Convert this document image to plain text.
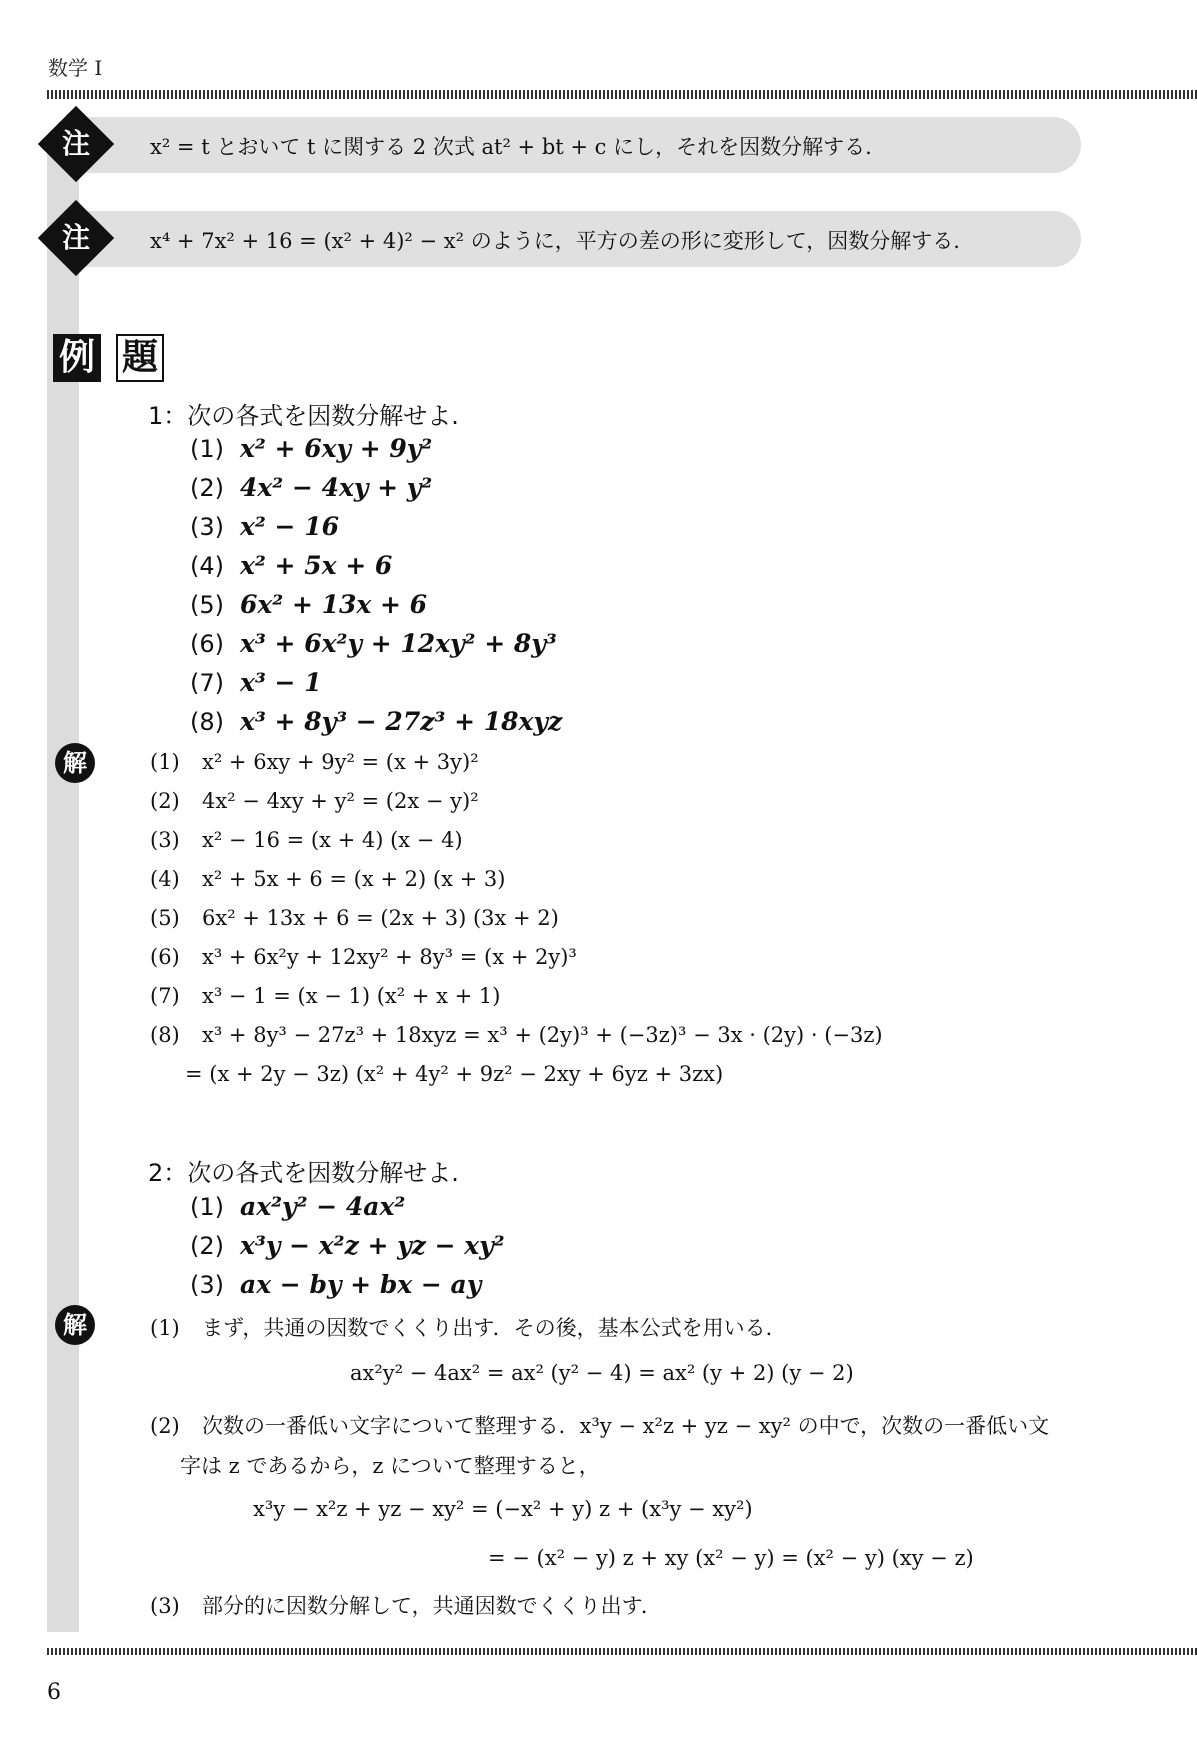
数学 I
注	x² = t とおいて t に関する 2 次式 at² + bt + c にし，それを因数分解する.
注	x⁴ + 7x² + 16 = (x² + 4)² − x² のように，平方の差の形に変形して，因数分解する.
例 題
1：次の各式を因数分解せよ.
(1) x² + 6xy + 9y²
(2) 4x² − 4xy + y²
(3) x² − 16
(4) x² + 5x + 6
(5) 6x² + 13x + 6
(6) x³ + 6x²y + 12xy² + 8y³
(7) x³ − 1
(8) x³ + 8y³ − 27z³ + 18xyz
解	(1) x² + 6xy + 9y² = (x + 3y)²
(2) 4x² − 4xy + y² = (2x − y)²
(3) x² − 16 = (x + 4) (x − 4)
(4) x² + 5x + 6 = (x + 2) (x + 3)
(5) 6x² + 13x + 6 = (2x + 3) (3x + 2)
(6) x³ + 6x²y + 12xy² + 8y³ = (x + 2y)³
(7) x³ − 1 = (x − 1) (x² + x + 1)
(8) x³ + 8y³ − 27z³ + 18xyz = x³ + (2y)³ + (−3z)³ − 3x · (2y) · (−3z)
= (x + 2y − 3z) (x² + 4y² + 9z² − 2xy + 6yz + 3zx)
2：次の各式を因数分解せよ.
(1) ax²y² − 4ax²
(2) x³y − x²z + yz − xy²
(3) ax − by + bx − ay
解	(1) まず，共通の因数でくくり出す．その後，基本公式を用いる．
ax²y² − 4ax² = ax² (y² − 4) = ax² (y + 2) (y − 2)
(2) 次数の一番低い文字について整理する．x³y − x²z + yz − xy² の中で，次数の一番低い文
字は z であるから，z について整理すると，
x³y − x²z + yz − xy² = (−x² + y) z + (x³y − xy²)
= − (x² − y) z + xy (x² − y) = (x² − y) (xy − z)
(3) 部分的に因数分解して，共通因数でくくり出す．
6
